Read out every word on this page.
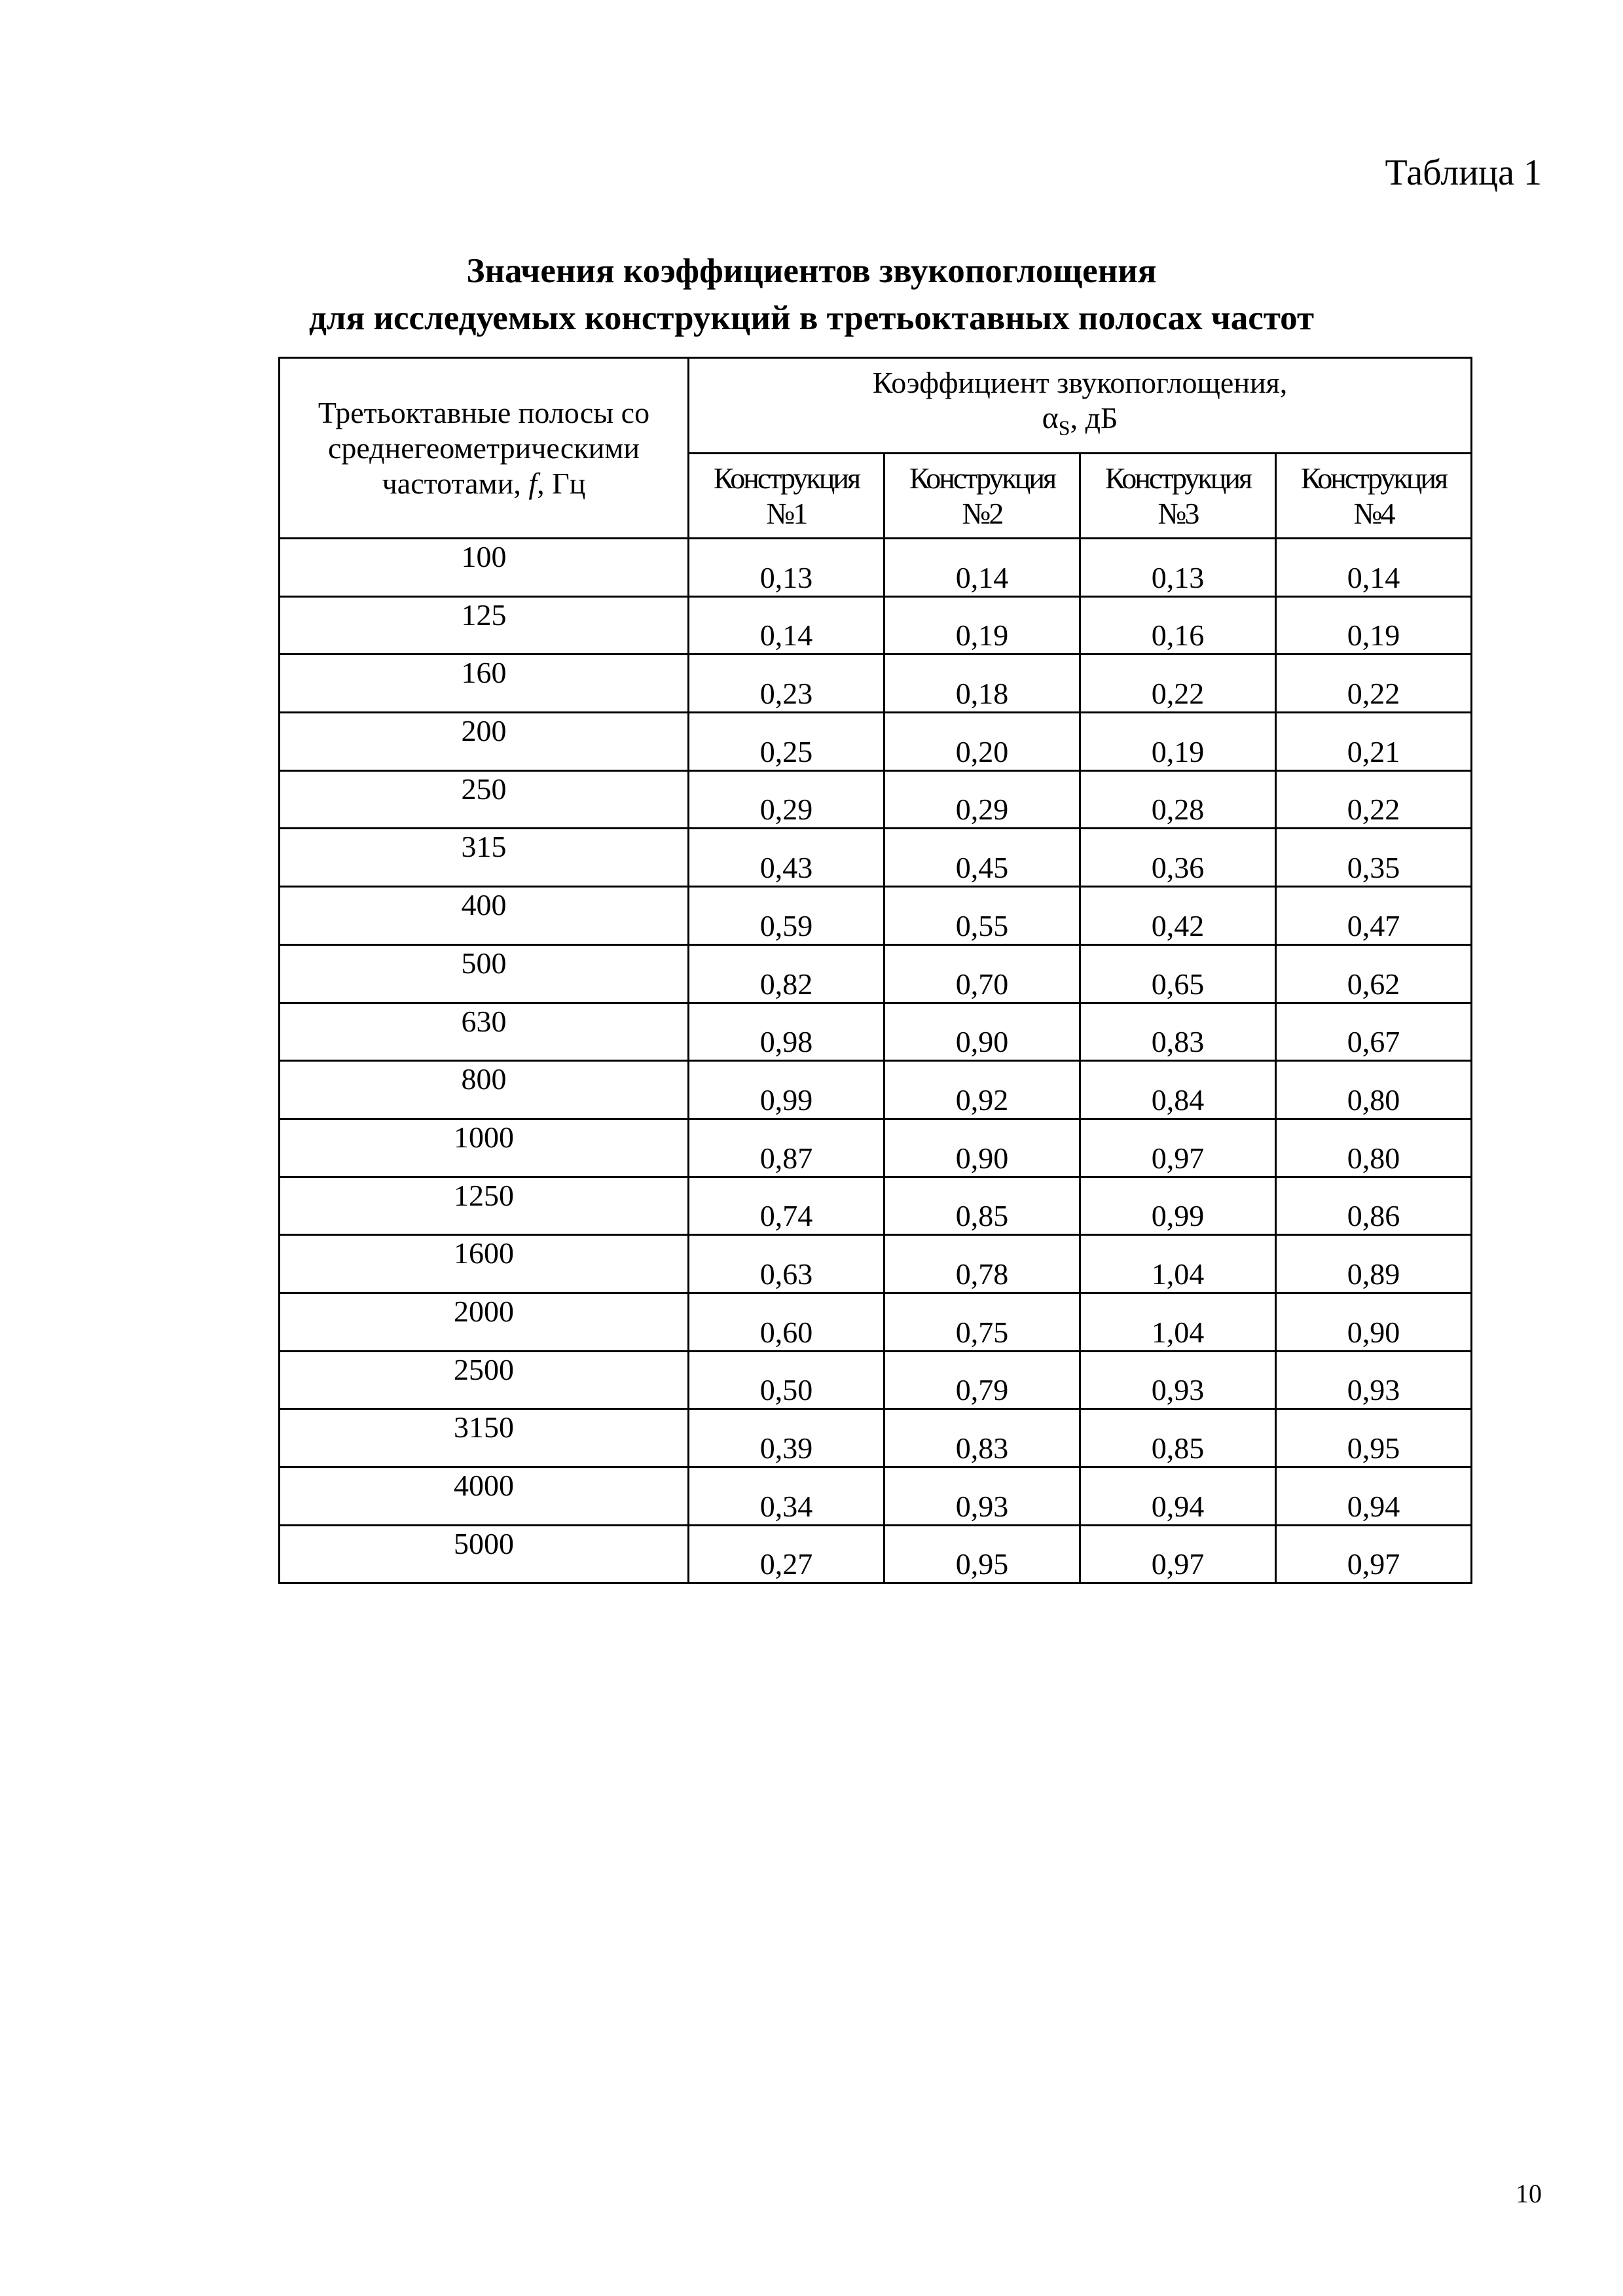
Таблица 1
Значения коэффициентов звукопоглощения
для исследуемых конструкций в третьоктавных полосах частот
Третьоктавные полосы со
среднегеометрическими
частотами, f, Гц	Коэффициент звукопоглощения,
$\alpha_S$, дБ			
	Конструкция
№1	Конструкция
№2	Конструкция
№3	Конструкция
№4
100	0,13	0,14	0,13	0,14
125	0,14	0,19	0,16	0,19
160	0,23	0,18	0,22	0,22
200	0,25	0,20	0,19	0,21
250	0,29	0,29	0,28	0,22
315	0,43	0,45	0,36	0,35
400	0,59	0,55	0,42	0,47
500	0,82	0,70	0,65	0,62
630	0,98	0,90	0,83	0,67
800	0,99	0,92	0,84	0,80
1000	0,87	0,90	0,97	0,80
1250	0,74	0,85	0,99	0,86
1600	0,63	0,78	1,04	0,89
2000	0,60	0,75	1,04	0,90
2500	0,50	0,79	0,93	0,93
3150	0,39	0,83	0,85	0,95
4000	0,34	0,93	0,94	0,94
5000	0,27	0,95	0,97	0,97
10
